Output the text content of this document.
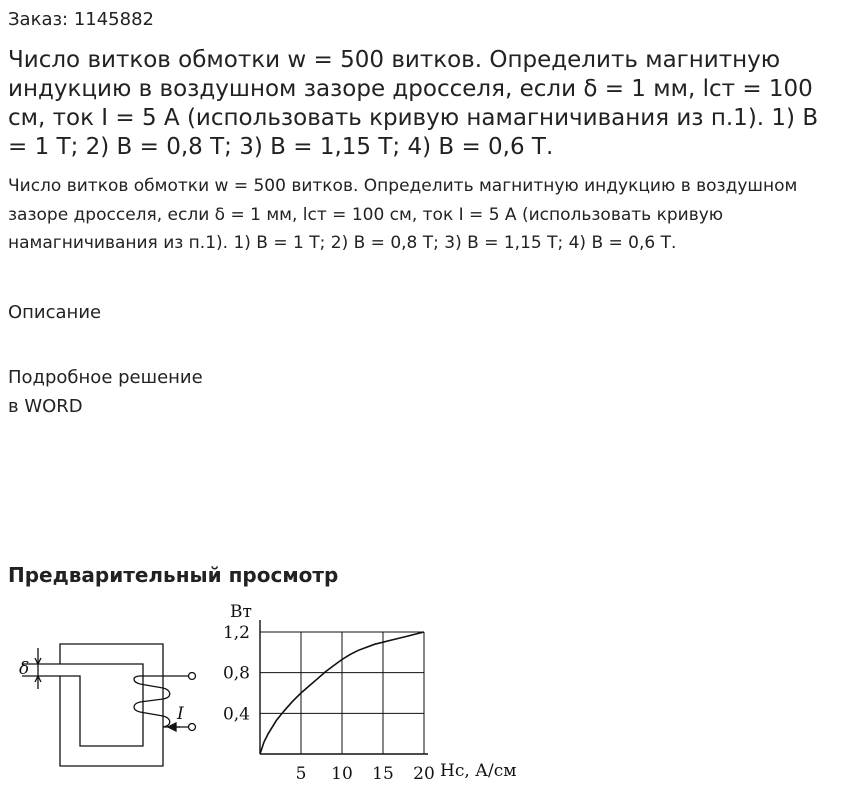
Заказ: 1145882
Число витков обмотки w = 500 витков. Определить магнитную индукцию в воздушном зазоре дросселя, если δ = 1 мм, lст = 100 см, ток I = 5 А (использовать кривую намагничивания из п.1). 1) В = 1 Т; 2) В = 0,8 Т; 3) В = 1,15 Т; 4) В = 0,6 Т.

Число витков обмотки w = 500 витков. Определить магнитную индукцию в воздушном зазоре дросселя, если δ = 1 мм, lст = 100 см, ток I = 5 А (использовать кривую намагничивания из п.1). 1) В = 1 Т; 2) В = 0,8 Т; 3) В = 1,15 Т; 4) В = 0,6 Т.

Описание
Подробное решение
в WORD
Предварительный просмотр
δ
I
5 10 15 20
0,4
0,8
1,2
Вт
Нс, А/см
